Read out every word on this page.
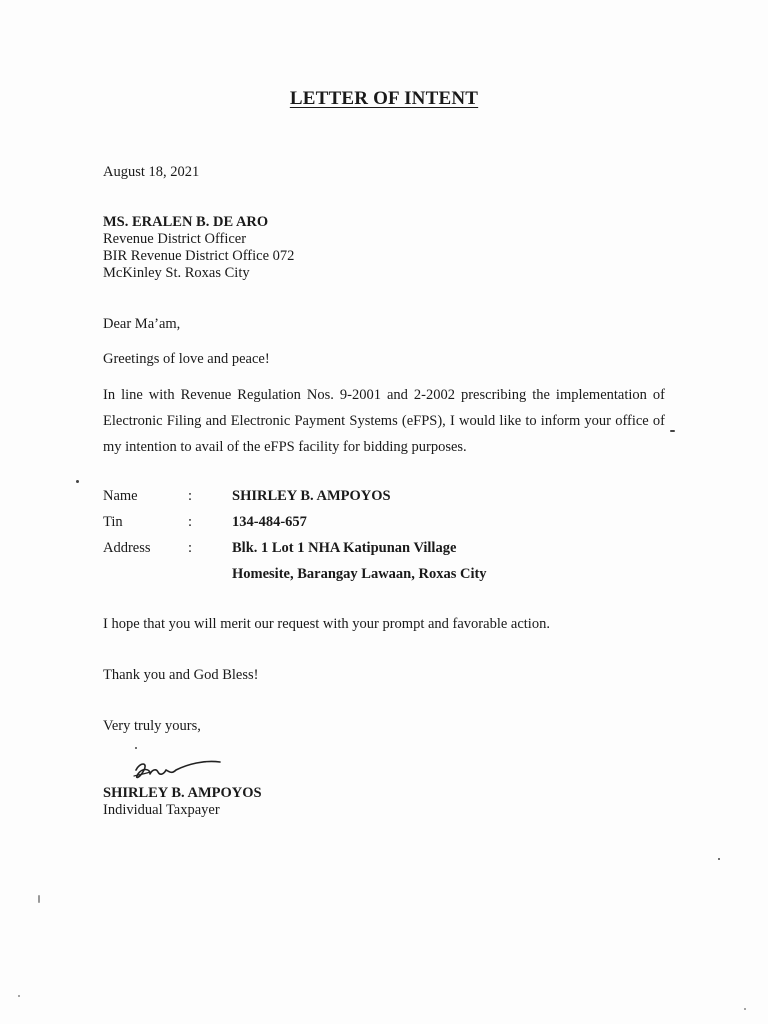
LETTER OF INTENT
August 18, 2021
MS. ERALEN B. DE ARO
Revenue District Officer
BIR Revenue District Office 072
McKinley St. Roxas City
Dear Ma’am,
Greetings of love and peace!
In line with Revenue Regulation Nos. 9-2001 and 2-2002 prescribing the implementation of Electronic Filing and Electronic Payment Systems (eFPS), I would like to inform your office of my intention to avail of the eFPS facility for bidding purposes.
Name	:	SHIRLEY B. AMPOYOS
Tin	:	134-484-657
Address	:	Blk. 1 Lot 1 NHA Katipunan Village
Homesite, Barangay Lawaan, Roxas City
I hope that you will merit our request with your prompt and favorable action.
Thank you and God Bless!
Very truly yours,
SHIRLEY B. AMPOYOS
Individual Taxpayer
